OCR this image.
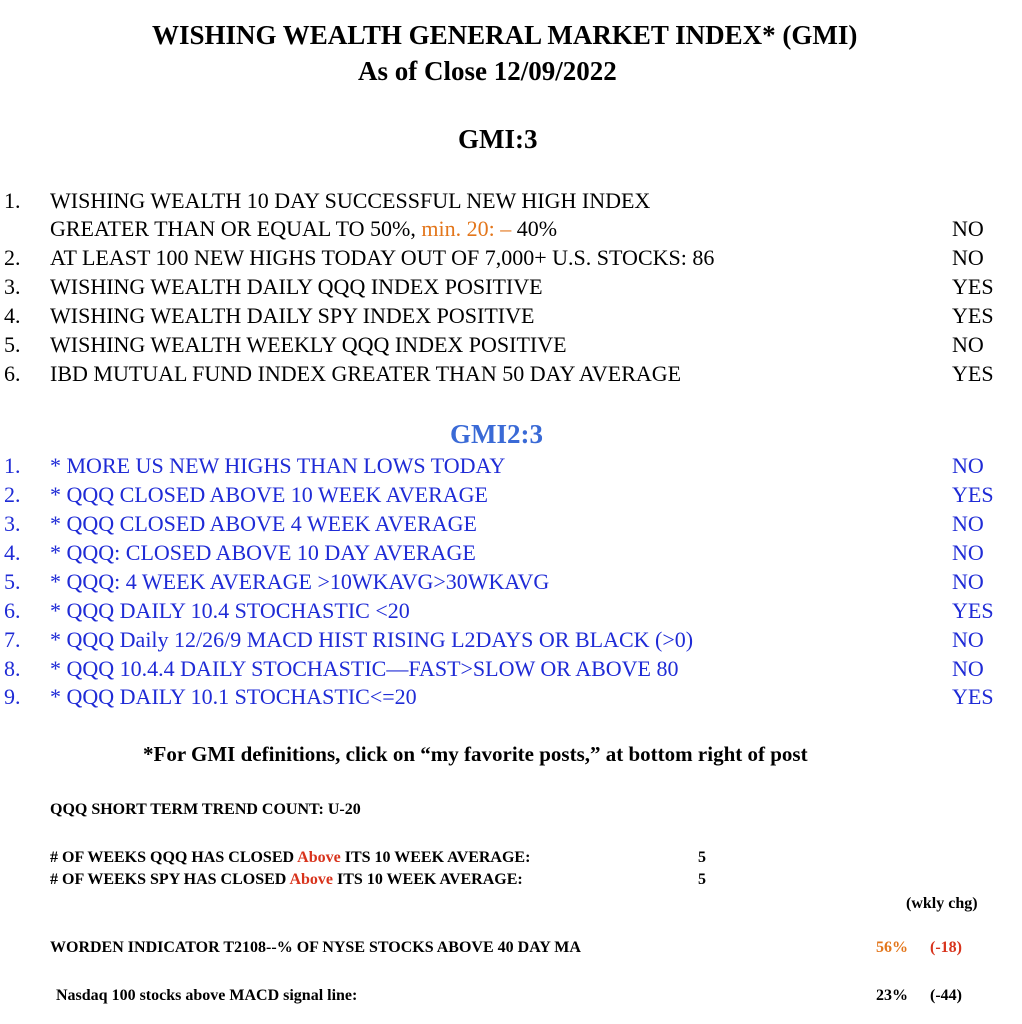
WISHING WEALTH GENERAL MARKET INDEX* (GMI)
As of Close 12/09/2022
GMI:3
1. WISHING WEALTH 10 DAY SUCCESSFUL NEW HIGH INDEX
GREATER THAN OR EQUAL TO 50%, min. 20: – 40%	NO
2. AT LEAST 100 NEW HIGHS TODAY OUT OF 7,000+ U.S. STOCKS: 86	NO
3. WISHING WEALTH DAILY QQQ INDEX POSITIVE	YES
4. WISHING WEALTH DAILY SPY INDEX POSITIVE	YES
5. WISHING WEALTH WEEKLY QQQ INDEX POSITIVE	NO
6. IBD MUTUAL FUND INDEX GREATER THAN 50 DAY AVERAGE	YES
GMI2:3
1. * MORE US NEW HIGHS THAN LOWS TODAY	NO
2. * QQQ CLOSED ABOVE 10 WEEK AVERAGE	YES
3. * QQQ CLOSED ABOVE 4 WEEK AVERAGE	NO
4. * QQQ: CLOSED ABOVE 10 DAY AVERAGE	NO
5. * QQQ: 4 WEEK AVERAGE >10WKAVG>30WKAVG	NO
6. * QQQ DAILY 10.4 STOCHASTIC <20	YES
7. * QQQ Daily 12/26/9 MACD HIST RISING L2DAYS OR BLACK (>0)	NO
8. * QQQ 10.4.4 DAILY STOCHASTIC—FAST>SLOW OR ABOVE 80	NO
9. * QQQ DAILY 10.1 STOCHASTIC<=20	YES
*For GMI definitions, click on “my favorite posts,” at bottom right of post
QQQ SHORT TERM TREND COUNT: U-20
# OF WEEKS QQQ HAS CLOSED Above ITS 10 WEEK AVERAGE:	5
# OF WEEKS SPY HAS CLOSED Above ITS 10 WEEK AVERAGE:	5
(wkly chg)
WORDEN INDICATOR T2108--% OF NYSE STOCKS ABOVE 40 DAY MA	56% (-18)
Nasdaq 100 stocks above MACD signal line:	23% (-44)
